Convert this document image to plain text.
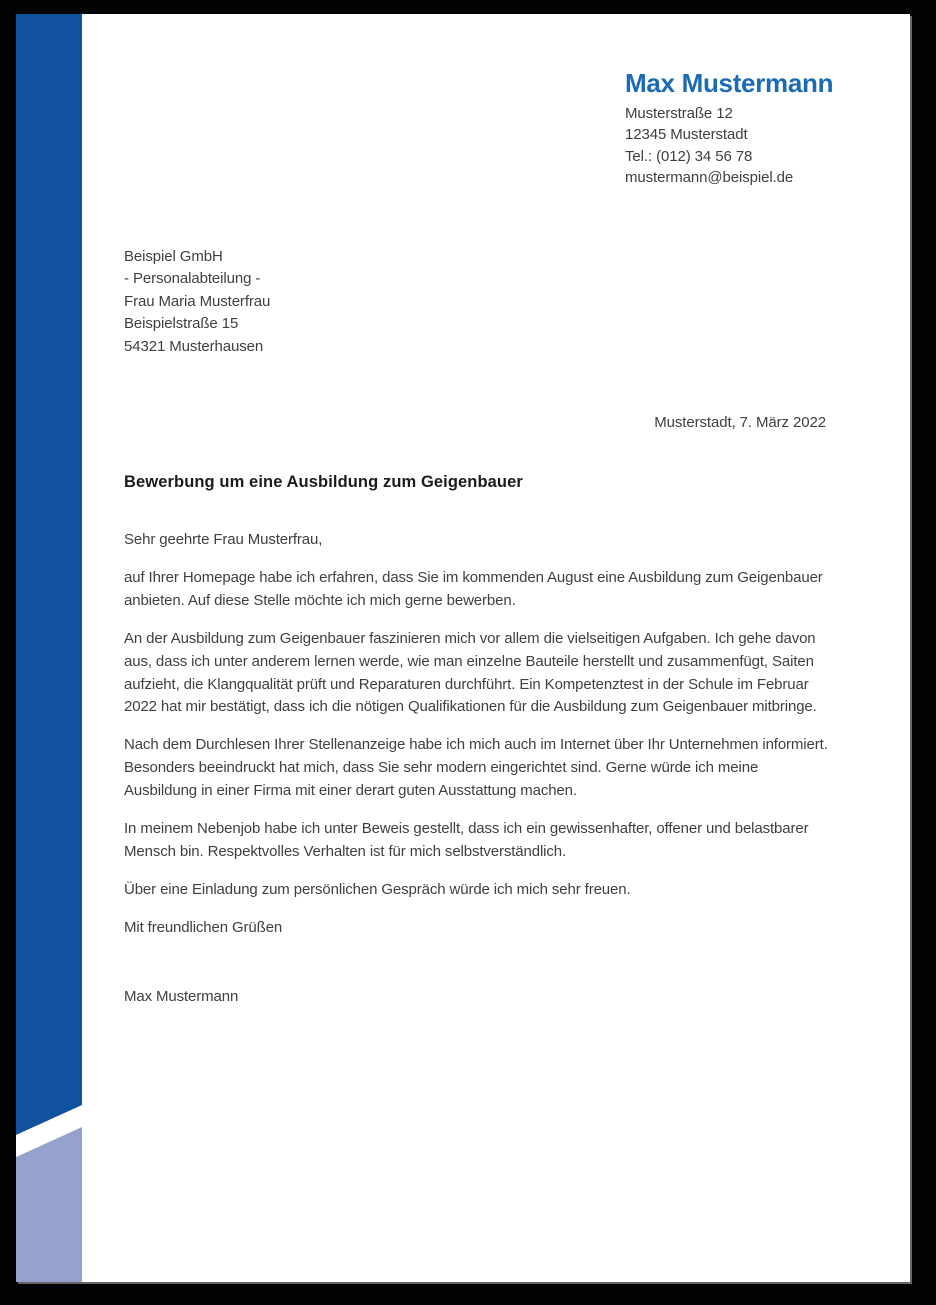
Max Mustermann
Musterstraße 12
12345 Musterstadt
Tel.: (012) 34 56 78
mustermann@beispiel.de
Beispiel GmbH
- Personalabteilung -
Frau Maria Musterfrau
Beispielstraße 15
54321 Musterhausen
Musterstadt, 7. März 2022
Bewerbung um eine Ausbildung zum Geigenbauer

Sehr geehrte Frau Musterfrau,

auf Ihrer Homepage habe ich erfahren, dass Sie im kommenden August eine Ausbildung zum Geigenbauer anbieten. Auf diese Stelle möchte ich mich gerne bewerben.

An der Ausbildung zum Geigenbauer faszinieren mich vor allem die vielseitigen Aufgaben. Ich gehe davon aus, dass ich unter anderem lernen werde, wie man einzelne Bauteile herstellt und zusammenfügt, Saiten aufzieht, die Klangqualität prüft und Reparaturen durchführt. Ein Kompetenztest in der Schule im Februar 2022 hat mir bestätigt, dass ich die nötigen Qualifikationen für die Ausbildung zum Geigenbauer mitbringe.

Nach dem Durchlesen Ihrer Stellenanzeige habe ich mich auch im Internet über Ihr Unternehmen informiert. Besonders beeindruckt hat mich, dass Sie sehr modern eingerichtet sind. Gerne würde ich meine Ausbildung in einer Firma mit einer derart guten Ausstattung machen.

In meinem Nebenjob habe ich unter Beweis gestellt, dass ich ein gewissenhafter, offener und belastbarer Mensch bin. Respektvolles Verhalten ist für mich selbstverständlich.

Über eine Einladung zum persönlichen Gespräch würde ich mich sehr freuen.

Mit freundlichen Grüßen

Max Mustermann
